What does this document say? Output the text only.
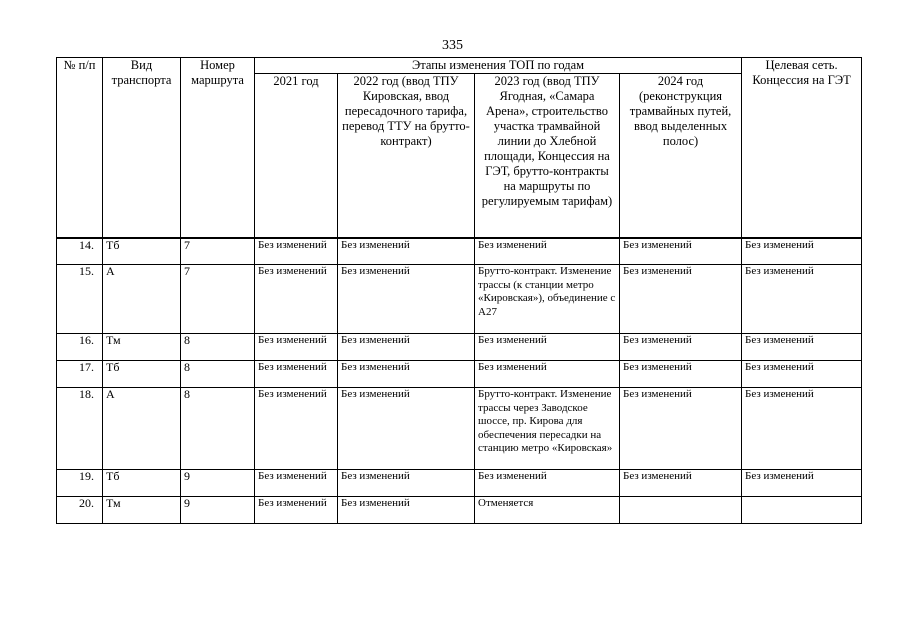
335
№ п/п	Вид транспорта	Номер маршрута	Этапы изменения ТОП по годам				Целевая сеть. Концессия на ГЭТ
			2021 год	2022 год (ввод ТПУ Кировская, ввод пересадочного тарифа, перевод ТТУ на брутто-контракт)	2023 год (ввод ТПУ Ягодная, «Самара Арена», строительство участка трамвайной линии до Хлебной площади, Концессия на ГЭТ, брутто-контракты на маршруты по регулируемым тарифам)	2024 год (реконструкция трамвайных путей, ввод выделенных полос)	
14.	Тб	7	Без изменений	Без изменений	Без изменений	Без изменений	Без изменений
15.	А	7	Без изменений	Без изменений	Брутто-контракт. Изменение трассы (к станции метро «Кировская»), объединение с А27	Без изменений	Без изменений
16.	Тм	8	Без изменений	Без изменений	Без изменений	Без изменений	Без изменений
17.	Тб	8	Без изменений	Без изменений	Без изменений	Без изменений	Без изменений
18.	А	8	Без изменений	Без изменений	Брутто-контракт. Изменение трассы через Заводское шоссе, пр. Кирова для обеспечения пересадки на станцию метро «Кировская»	Без изменений	Без изменений
19.	Тб	9	Без изменений	Без изменений	Без изменений	Без изменений	Без изменений
20.	Тм	9	Без изменений	Без изменений	Отменяется		
